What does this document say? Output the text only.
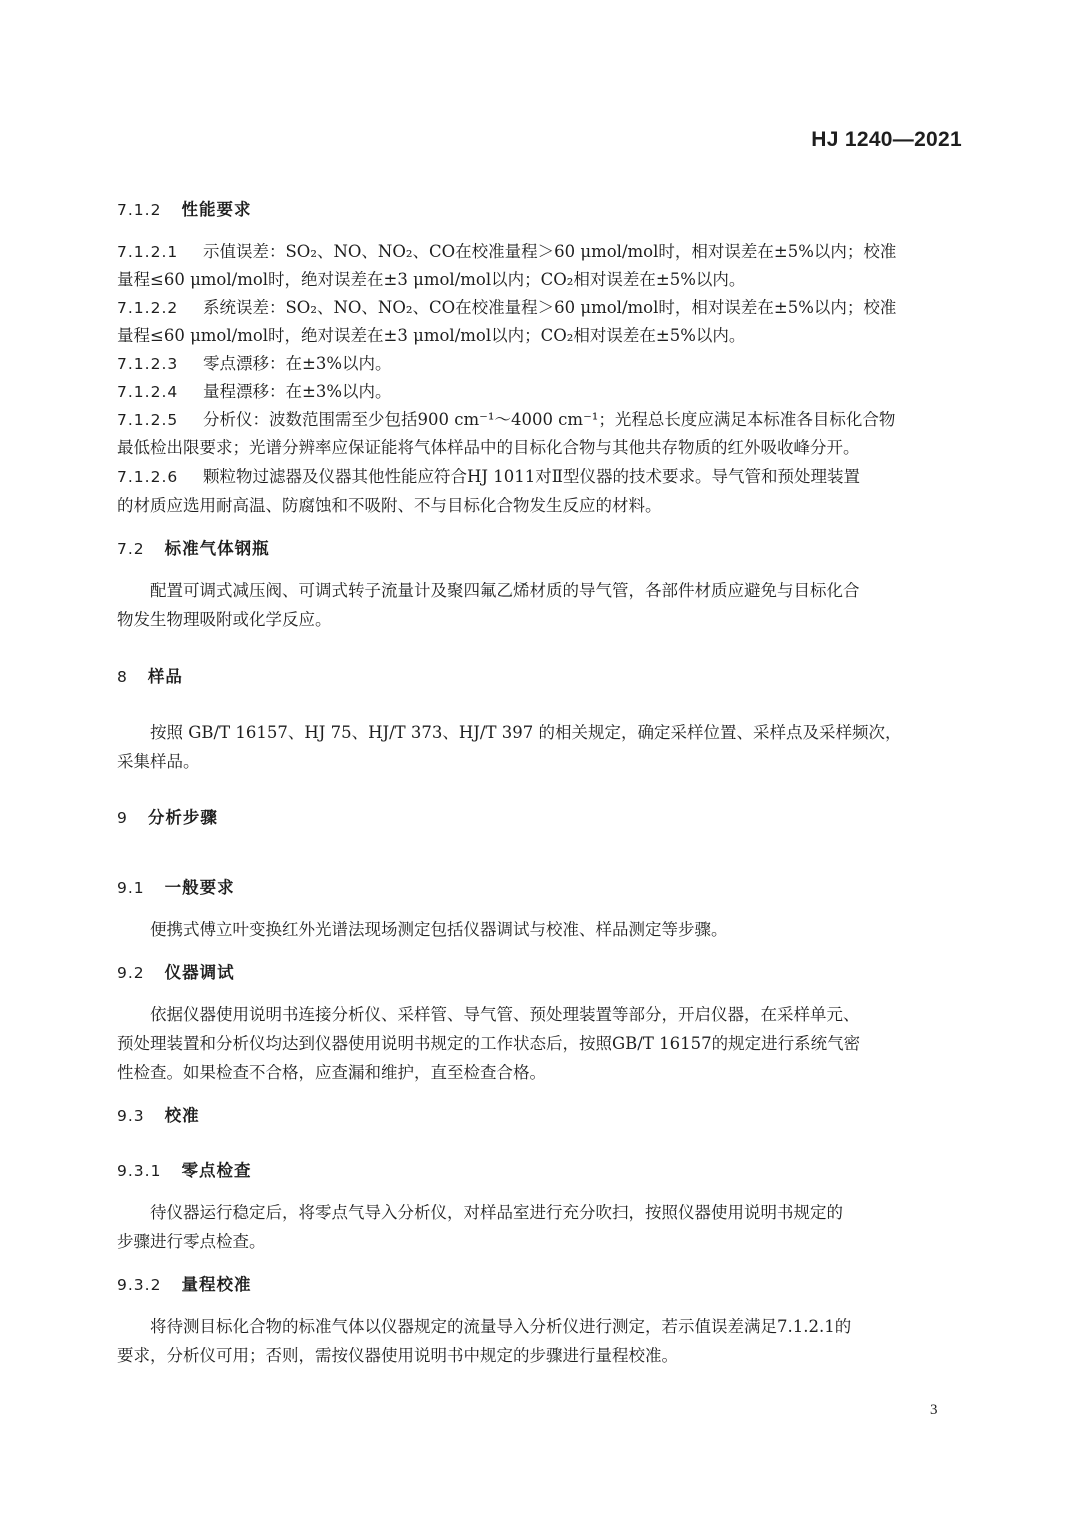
HJ 1240—2021
7.1.2 性能要求
7.1.2.1 示值误差：SO₂、NO、NO₂、CO在校准量程＞60 μmol/mol时，相对误差在±5%以内；校准
量程≤60 μmol/mol时，绝对误差在±3 μmol/mol以内；CO₂相对误差在±5%以内。
7.1.2.2 系统误差：SO₂、NO、NO₂、CO在校准量程＞60 μmol/mol时，相对误差在±5%以内；校准
量程≤60 μmol/mol时，绝对误差在±3 μmol/mol以内；CO₂相对误差在±5%以内。
7.1.2.3 零点漂移：在±3%以内。
7.1.2.4 量程漂移：在±3%以内。
7.1.2.5 分析仪：波数范围需至少包括900 cm⁻¹～4000 cm⁻¹；光程总长度应满足本标准各目标化合物
最低检出限要求；光谱分辨率应保证能将气体样品中的目标化合物与其他共存物质的红外吸收峰分开。
7.1.2.6 颗粒物过滤器及仪器其他性能应符合HJ 1011对Ⅱ型仪器的技术要求。导气管和预处理装置
的材质应选用耐高温、防腐蚀和不吸附、不与目标化合物发生反应的材料。
7.2 标准气体钢瓶
配置可调式减压阀、可调式转子流量计及聚四氟乙烯材质的导气管，各部件材质应避免与目标化合
物发生物理吸附或化学反应。
8 样品
按照 GB/T 16157、HJ 75、HJ/T 373、HJ/T 397 的相关规定，确定采样位置、采样点及采样频次，
采集样品。
9 分析步骤
9.1 一般要求
便携式傅立叶变换红外光谱法现场测定包括仪器调试与校准、样品测定等步骤。
9.2 仪器调试
依据仪器使用说明书连接分析仪、采样管、导气管、预处理装置等部分，开启仪器，在采样单元、
预处理装置和分析仪均达到仪器使用说明书规定的工作状态后，按照GB/T 16157的规定进行系统气密
性检查。如果检查不合格，应查漏和维护，直至检查合格。
9.3 校准
9.3.1 零点检查
待仪器运行稳定后，将零点气导入分析仪，对样品室进行充分吹扫，按照仪器使用说明书规定的
步骤进行零点检查。
9.3.2 量程校准
将待测目标化合物的标准气体以仪器规定的流量导入分析仪进行测定，若示值误差满足7.1.2.1的
要求，分析仪可用；否则，需按仪器使用说明书中规定的步骤进行量程校准。
3
